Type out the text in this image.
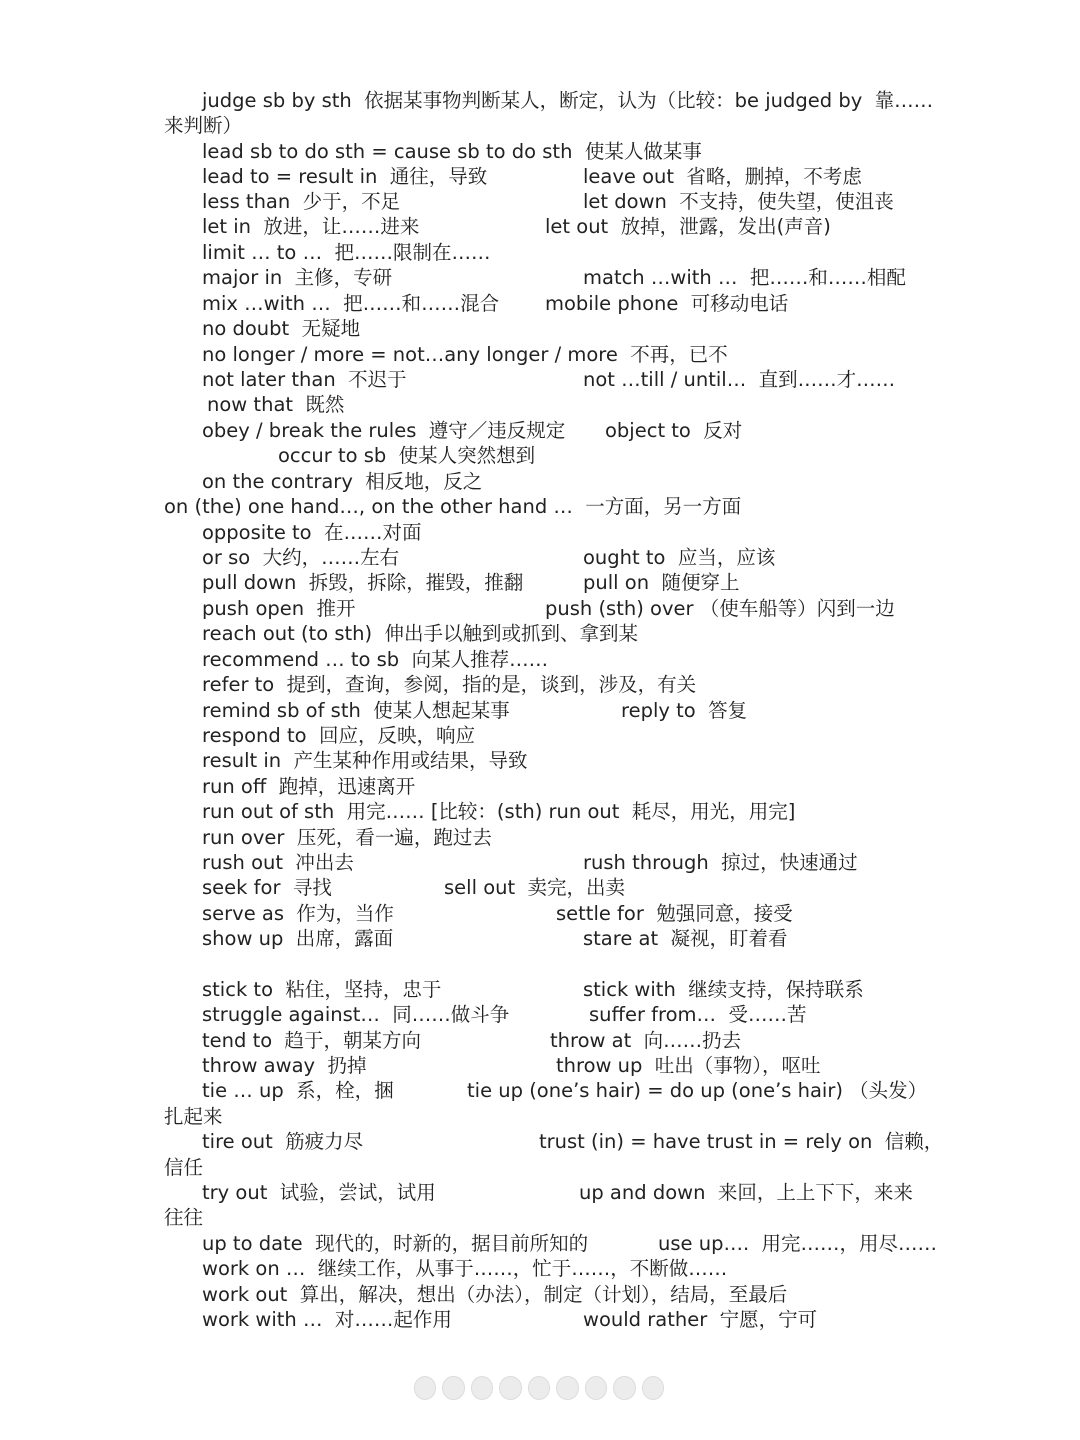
judge sb by sth  依据某事物判断某人，断定，认为（比较：be judged by  靠……
来判断）
lead sb to do sth = cause sb to do sth  使某人做某事
lead to = result in  通往，导致	leave out  省略，删掉，不考虑
less than  少于，不足	let down  不支持，使失望，使沮丧
let in  放进，让……进来	let out  放掉，泄露，发出(声音)
limit … to …  把……限制在……
major in  主修，专研	match …with …  把……和……相配
mix …with …  把……和……混合 mobile phone  可移动电话
no doubt  无疑地
no longer / more = not…any longer / more  不再，已不
not later than  不迟于	not …till / until…  直到……才……
now that  既然
obey / break the rules  遵守／违反规定 object to  反对
occur to sb  使某人突然想到
on the contrary  相反地，反之
on (the) one hand…, on the other hand …  一方面，另一方面
opposite to  在……对面
or so  大约，……左右	ought to  应当，应该
pull down  拆毁，拆除，摧毁，推翻	pull on  随便穿上
push open  推开	push (sth) over （使车船等）闪到一边
reach out (to sth)  伸出手以触到或抓到、拿到某
recommend … to sb  向某人推荐……
refer to  提到，查询，参阅，指的是，谈到，涉及，有关
remind sb of sth  使某人想起某事	reply to  答复
respond to  回应，反映，响应
result in  产生某种作用或结果，导致
run off  跑掉，迅速离开
run out of sth  用完…… [比较：(sth) run out  耗尽，用光，用完]
run over  压死，看一遍，跑过去
rush out  冲出去	rush through  掠过，快速通过
seek for  寻找	sell out  卖完，出卖
serve as  作为，当作	settle for  勉强同意，接受
show up  出席，露面	stare at  凝视，盯着看
stick to  粘住，坚持，忠于	stick with  继续支持，保持联系
struggle against…  同……做斗争	suffer from…  受……苦
tend to  趋于，朝某方向	throw at  向……扔去
throw away  扔掉	throw up  吐出（事物），呕吐
tie … up  系，栓，捆	tie up (one’s hair) = do up (one’s hair) （头发）
扎起来
tire out  筋疲力尽	trust (in) = have trust in = rely on  信赖，
信任
try out  试验，尝试，试用	up and down  来回，上上下下，来来
往往
up to date  现代的，时新的，据目前所知的	use up….  用完……，用尽……
work on …  继续工作，从事于……，忙于……，不断做……
work out  算出，解决，想出（办法），制定（计划），结局，至最后
work with …  对……起作用	would rather  宁愿，宁可
